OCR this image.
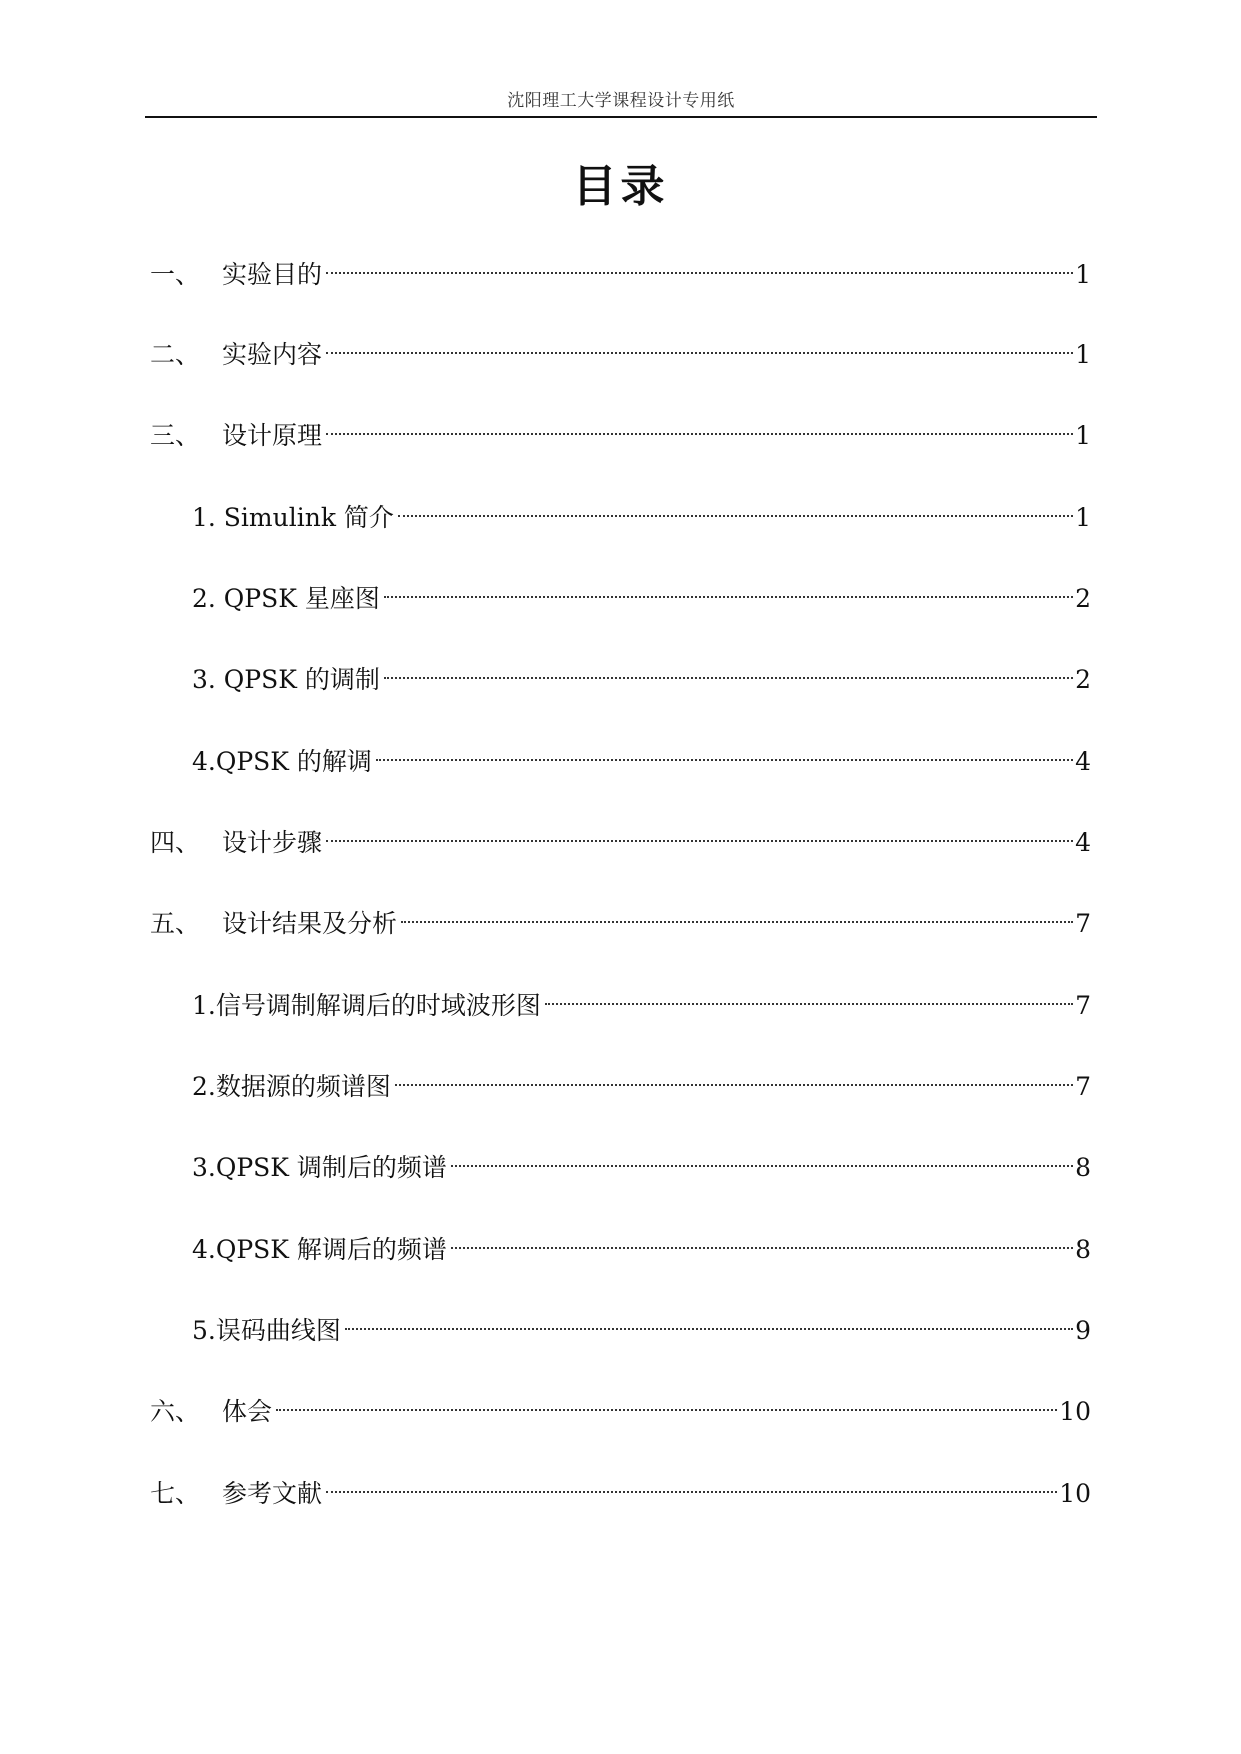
沈阳理工大学课程设计专用纸
目录
一、 实验目的	1
二、 实验内容	1
三、 设计原理	1
1. Simulink 简介	1
2. QPSK 星座图	2
3. QPSK 的调制	2
4.QPSK 的解调	4
四、 设计步骤	4
五、 设计结果及分析	7
1.信号调制解调后的时域波形图	7
2.数据源的频谱图	7
3.QPSK 调制后的频谱	8
4.QPSK 解调后的频谱	8
5.误码曲线图	9
六、 体会	10
七、 参考文献	10
